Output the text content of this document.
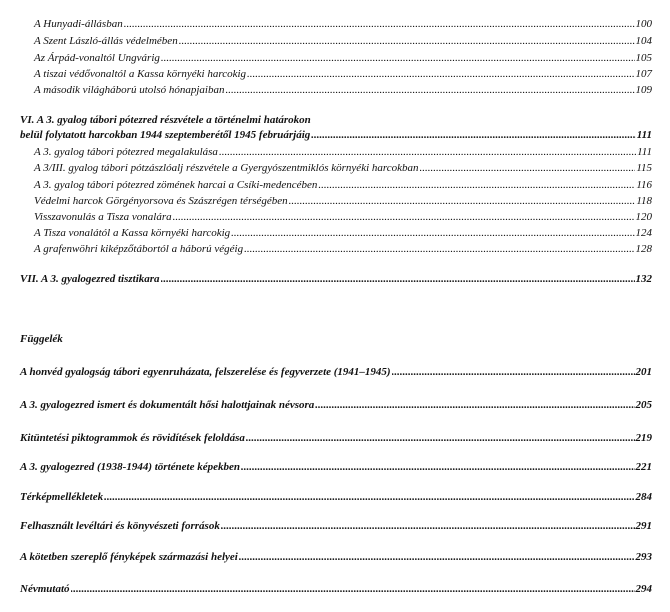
A Hunyadi-állásban .....	100
A Szent László-állás védelmében .....	104
Az Árpád-vonaltól Ungvárig .....	105
A tiszai védővonaltól a Kassa környéki harcokig .....	107
A második világháború utolsó hónapjaiban .....	109
VI. A 3. gyalog tábori pótezred részvétele a történelmi határokon
belül folytatott harcokban 1944 szeptemberétől 1945 februárjáig .....	111
A 3. gyalog tábori pótezred megalakulása .....	111
A 3/III. gyalog tábori pótzászlóalj részvétele a Gyergyószentmiklós környéki harcokban .....	115
A 3. gyalog tábori pótezred zömének harcai a Csíki-medencében .....	116
Védelmi harcok Görgényorsova és Szászrégen térségében .....	118
Visszavonulás a Tisza vonalára .....	120
A Tisza vonalától a Kassa környéki harcokig .....	124
A grafenwöhri kiképzőtábortól a háború végéig .....	128
VII. A 3. gyalogezred tisztikara .....	132
Függelék
A honvéd gyalogság tábori egyenruházata, felszerelése és fegyverzete (1941–1945) .....	201
A 3. gyalogezred ismert és dokumentált hősi halottjainak névsora .....	205
Kitüntetési piktogrammok és rövidítések feloldása .....	219
A 3. gyalogezred (1938-1944) története képekben .....	221
Térképmellékletek .....	284
Felhasznált levéltári és könyvészeti források .....	291
A kötetben szereplő fényképek származási helyei .....	293
Névmutató .....	294
